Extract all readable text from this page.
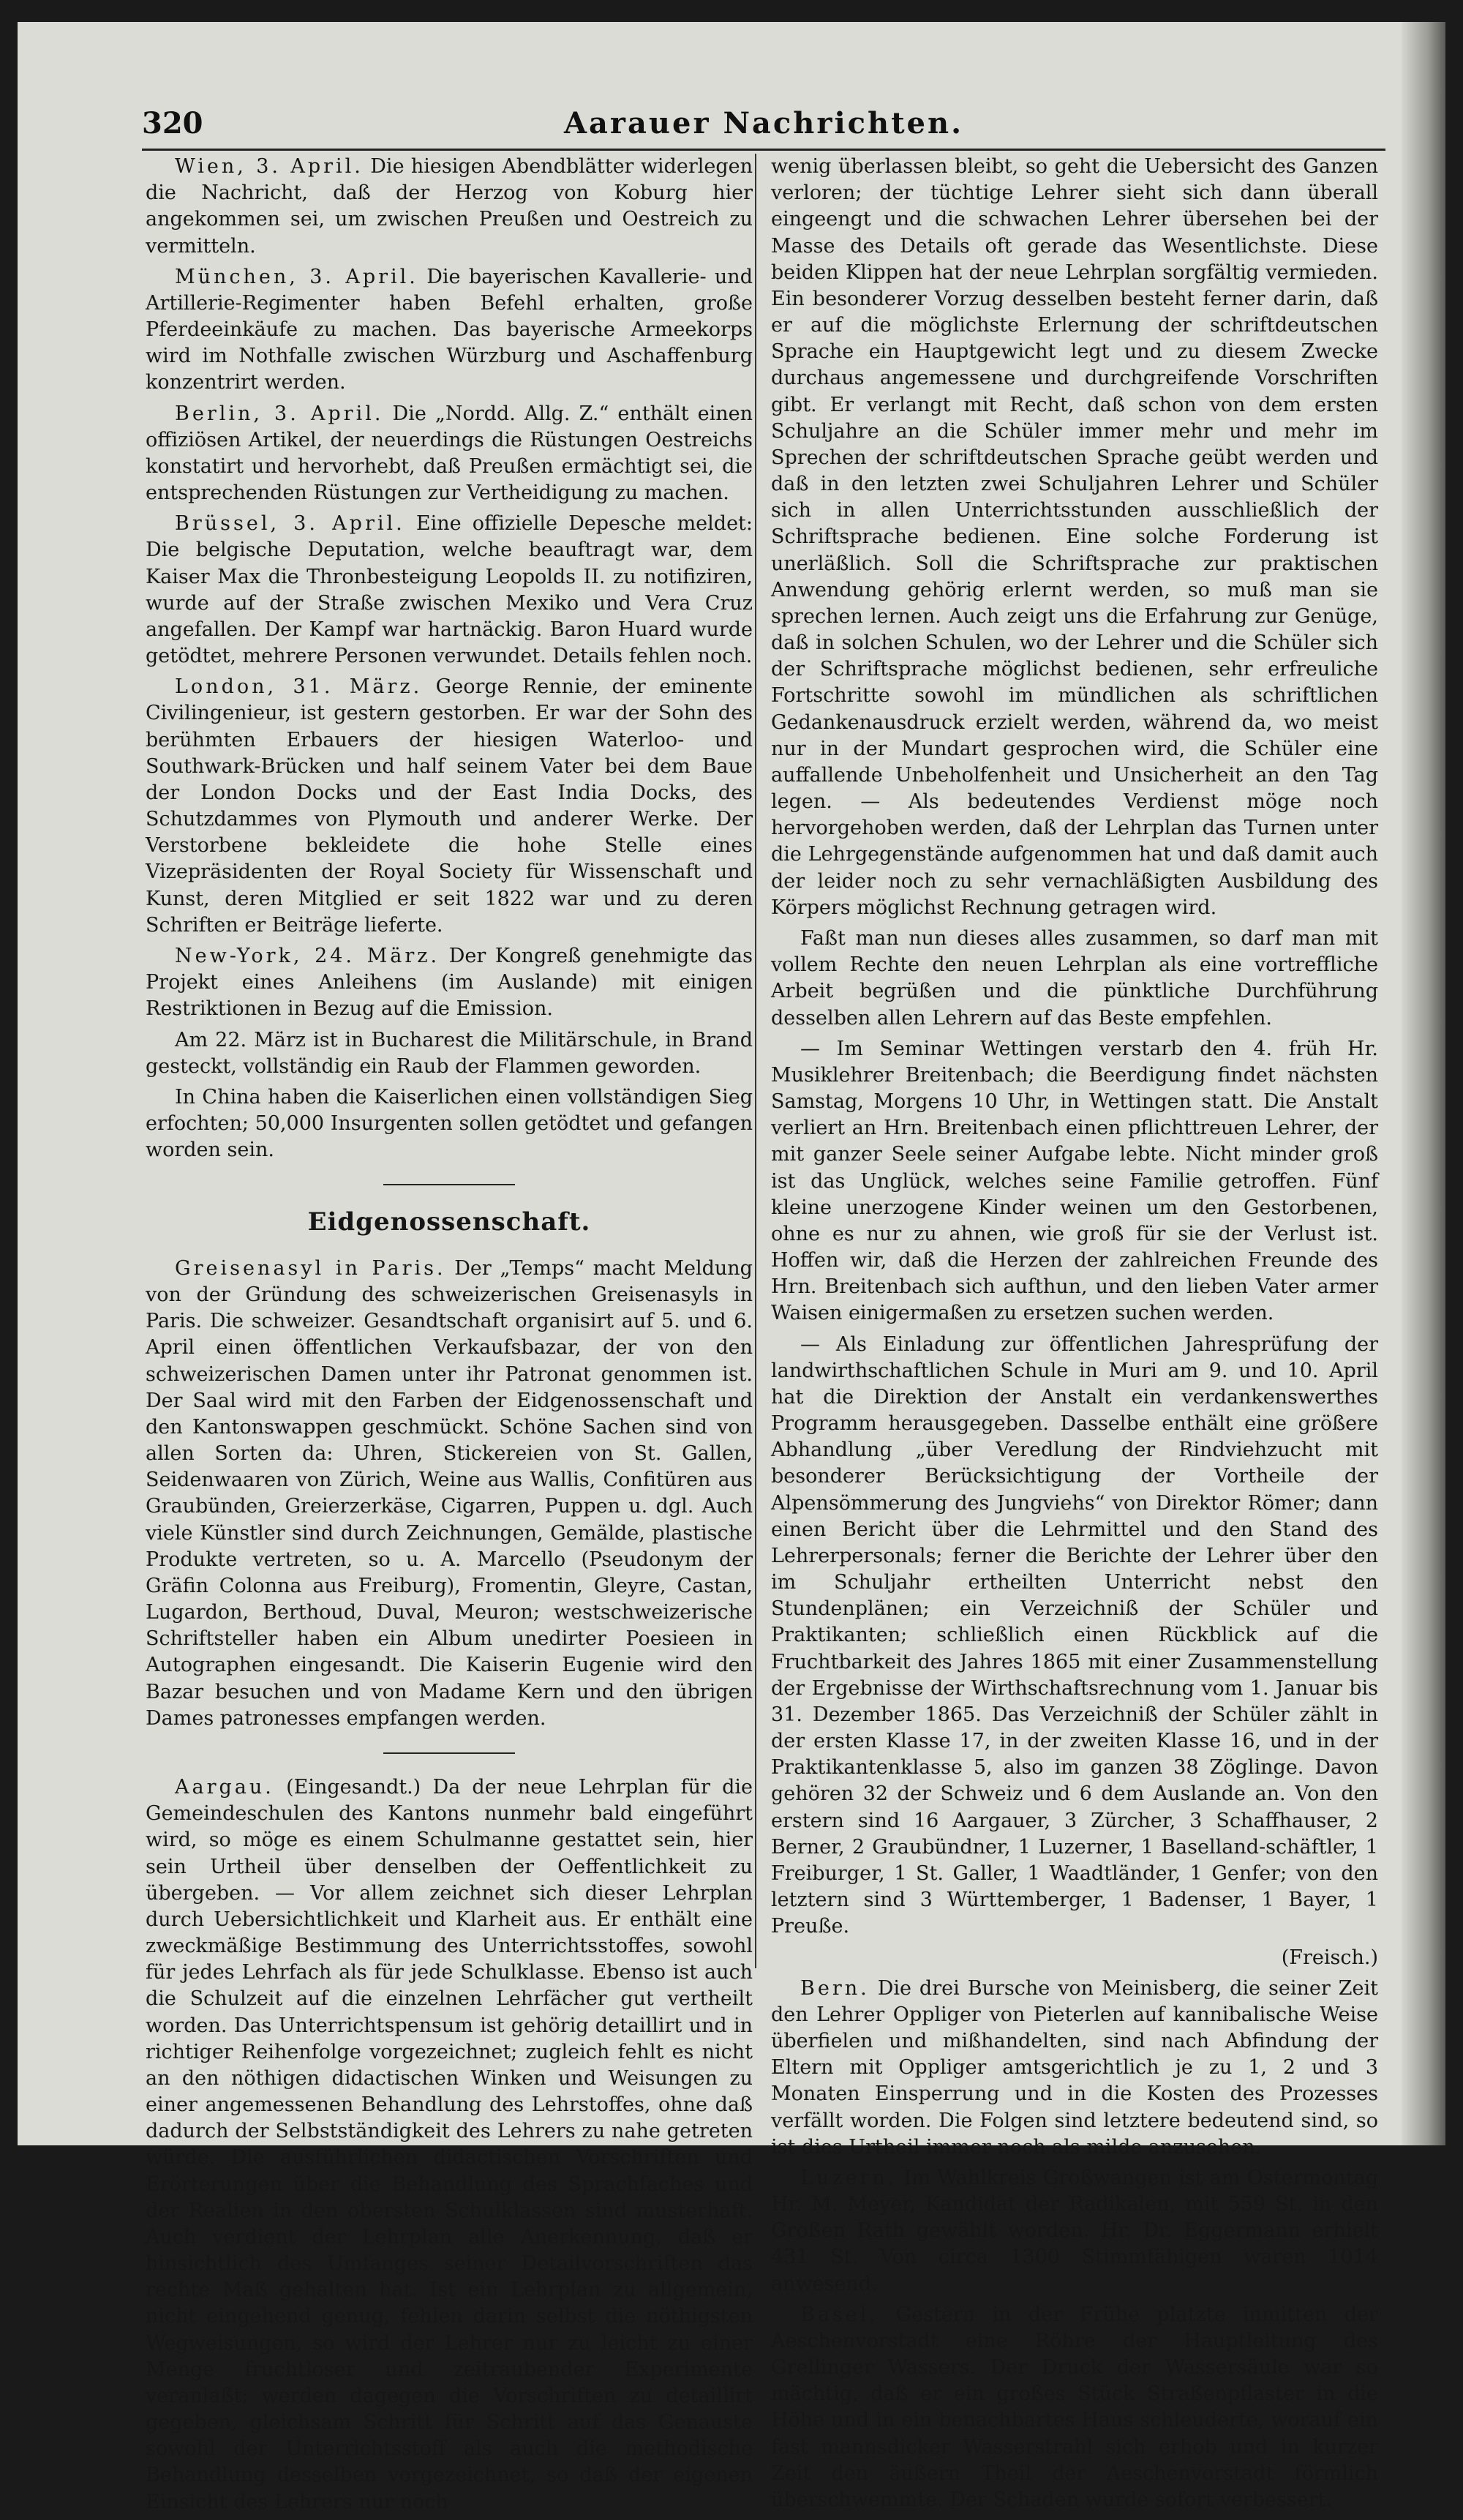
320	Aarauer Nachrichten.
Wien, 3. April. Die hiesigen Abendblätter widerlegen die Nachricht, daß der Herzog von Koburg hier angekommen sei, um zwischen Preußen und Oestreich zu vermitteln.
München, 3. April. Die bayerischen Kavallerie- und Artillerie-Regimenter haben Befehl erhalten, große Pferdeeinkäufe zu machen. Das bayerische Armeekorps wird im Nothfalle zwischen Würzburg und Aschaffenburg konzentrirt werden.
Berlin, 3. April. Die „Nordd. Allg. Z.“ enthält einen offiziösen Artikel, der neuerdings die Rüstungen Oestreichs konstatirt und hervorhebt, daß Preußen ermächtigt sei, die entsprechenden Rüstungen zur Vertheidigung zu machen.
Brüssel, 3. April. Eine offizielle Depesche meldet: Die belgische Deputation, welche beauftragt war, dem Kaiser Max die Thronbesteigung Leopolds II. zu notifiziren, wurde auf der Straße zwischen Mexiko und Vera Cruz angefallen. Der Kampf war hartnäckig. Baron Huard wurde getödtet, mehrere Personen verwundet. Details fehlen noch.
London, 31. März. George Rennie, der eminente Civilingenieur, ist gestern gestorben. Er war der Sohn des berühmten Erbauers der hiesigen Waterloo- und Southwark-Brücken und half seinem Vater bei dem Baue der London Docks und der East India Docks, des Schutzdammes von Plymouth und anderer Werke. Der Verstorbene bekleidete die hohe Stelle eines Vizepräsidenten der Royal Society für Wissenschaft und Kunst, deren Mitglied er seit 1822 war und zu deren Schriften er Beiträge lieferte.
New-York, 24. März. Der Kongreß genehmigte das Projekt eines Anleihens (im Auslande) mit einigen Restriktionen in Bezug auf die Emission.
Am 22. März ist in Bucharest die Militärschule, in Brand gesteckt, vollständig ein Raub der Flammen geworden.
In China haben die Kaiserlichen einen vollständigen Sieg erfochten; 50,000 Insurgenten sollen getödtet und gefangen worden sein.
Eidgenossenschaft.
Greisenasyl in Paris. Der „Temps“ macht Meldung von der Gründung des schweizerischen Greisenasyls in Paris. Die schweizer. Gesandtschaft organisirt auf 5. und 6. April einen öffentlichen Verkaufsbazar, der von den schweizerischen Damen unter ihr Patronat genommen ist. Der Saal wird mit den Farben der Eidgenossenschaft und den Kantonswappen geschmückt. Schöne Sachen sind von allen Sorten da: Uhren, Stickereien von St. Gallen, Seidenwaaren von Zürich, Weine aus Wallis, Confitüren aus Graubünden, Greierzerkäse, Cigarren, Puppen u. dgl. Auch viele Künstler sind durch Zeichnungen, Gemälde, plastische Produkte vertreten, so u. A. Marcello (Pseudonym der Gräfin Colonna aus Freiburg), Fromentin, Gleyre, Castan, Lugardon, Berthoud, Duval, Meuron; westschweizerische Schriftsteller haben ein Album unedirter Poesieen in Autographen eingesandt. Die Kaiserin Eugenie wird den Bazar besuchen und von Madame Kern und den übrigen Dames patronesses empfangen werden.
Aargau. (Eingesandt.) Da der neue Lehrplan für die Gemeindeschulen des Kantons nunmehr bald eingeführt wird, so möge es einem Schulmanne gestattet sein, hier sein Urtheil über denselben der Oeffentlichkeit zu übergeben. — Vor allem zeichnet sich dieser Lehrplan durch Uebersichtlichkeit und Klarheit aus. Er enthält eine zweckmäßige Bestimmung des Unterrichtsstoffes, sowohl für jedes Lehrfach als für jede Schulklasse. Ebenso ist auch die Schulzeit auf die einzelnen Lehrfächer gut vertheilt worden. Das Unterrichtspensum ist gehörig detaillirt und in richtiger Reihenfolge vorgezeichnet; zugleich fehlt es nicht an den nöthigen didactischen Winken und Weisungen zu einer angemessenen Behandlung des Lehrstoffes, ohne daß dadurch der Selbstständigkeit des Lehrers zu nahe getreten würde. Die ausführlichen didactischen Vorschriften und Erörterungen über die Behandlung des Sprachfaches und der Realien in den obersten Schulklassen sind musterhaft. Auch verdient der Lehrplan alle Anerkennung, daß er hinsichtlich des Umfanges seiner Detailvorschriften das rechte Maß gehalten hat. Ist ein Lehrplan zu allgemein, nicht eingehend genug, fehlen darin selbst die nöthigsten Wegweisungen, so wird der Lehrer nur zu leicht zu einer Menge fruchtloser und zeitraubender Experimente veranlaßt; werden dagegen die Vorschriften zu detaillirt gegeben, gleichsam Schritt für Schritt auf das Genauste sowohl der Unterrichtsstoff als auch die methodische Behandlung desselben vorgezeichnet, so daß der eigenen Einsicht des Lehrers nur noch
wenig überlassen bleibt, so geht die Uebersicht des Ganzen verloren; der tüchtige Lehrer sieht sich dann überall eingeengt und die schwachen Lehrer übersehen bei der Masse des Details oft gerade das Wesentlichste. Diese beiden Klippen hat der neue Lehrplan sorgfältig vermieden. Ein besonderer Vorzug desselben besteht ferner darin, daß er auf die möglichste Erlernung der schriftdeutschen Sprache ein Hauptgewicht legt und zu diesem Zwecke durchaus angemessene und durchgreifende Vorschriften gibt. Er verlangt mit Recht, daß schon von dem ersten Schuljahre an die Schüler immer mehr und mehr im Sprechen der schriftdeutschen Sprache geübt werden und daß in den letzten zwei Schuljahren Lehrer und Schüler sich in allen Unterrichtsstunden ausschließlich der Schriftsprache bedienen. Eine solche Forderung ist unerläßlich. Soll die Schriftsprache zur praktischen Anwendung gehörig erlernt werden, so muß man sie sprechen lernen. Auch zeigt uns die Erfahrung zur Genüge, daß in solchen Schulen, wo der Lehrer und die Schüler sich der Schriftsprache möglichst bedienen, sehr erfreuliche Fortschritte sowohl im mündlichen als schriftlichen Gedankenausdruck erzielt werden, während da, wo meist nur in der Mundart gesprochen wird, die Schüler eine auffallende Unbeholfenheit und Unsicherheit an den Tag legen. — Als bedeutendes Verdienst möge noch hervorgehoben werden, daß der Lehrplan das Turnen unter die Lehrgegenstände aufgenommen hat und daß damit auch der leider noch zu sehr vernachläßigten Ausbildung des Körpers möglichst Rechnung getragen wird.
Faßt man nun dieses alles zusammen, so darf man mit vollem Rechte den neuen Lehrplan als eine vortreffliche Arbeit begrüßen und die pünktliche Durchführung desselben allen Lehrern auf das Beste empfehlen.
— Im Seminar Wettingen verstarb den 4. früh Hr. Musiklehrer Breitenbach; die Beerdigung findet nächsten Samstag, Morgens 10 Uhr, in Wettingen statt. Die Anstalt verliert an Hrn. Breitenbach einen pflichttreuen Lehrer, der mit ganzer Seele seiner Aufgabe lebte. Nicht minder groß ist das Unglück, welches seine Familie getroffen. Fünf kleine unerzogene Kinder weinen um den Gestorbenen, ohne es nur zu ahnen, wie groß für sie der Verlust ist. Hoffen wir, daß die Herzen der zahlreichen Freunde des Hrn. Breitenbach sich aufthun, und den lieben Vater armer Waisen einigermaßen zu ersetzen suchen werden.
— Als Einladung zur öffentlichen Jahresprüfung der landwirthschaftlichen Schule in Muri am 9. und 10. April hat die Direktion der Anstalt ein verdankenswerthes Programm herausgegeben. Dasselbe enthält eine größere Abhandlung „über Veredlung der Rindviehzucht mit besonderer Berücksichtigung der Vortheile der Alpensömmerung des Jungviehs“ von Direktor Römer; dann einen Bericht über die Lehrmittel und den Stand des Lehrerpersonals; ferner die Berichte der Lehrer über den im Schuljahr ertheilten Unterricht nebst den Stundenplänen; ein Verzeichniß der Schüler und Praktikanten; schließlich einen Rückblick auf die Fruchtbarkeit des Jahres 1865 mit einer Zusammenstellung der Ergebnisse der Wirthschaftsrechnung vom 1. Januar bis 31. Dezember 1865. Das Verzeichniß der Schüler zählt in der ersten Klasse 17, in der zweiten Klasse 16, und in der Praktikantenklasse 5, also im ganzen 38 Zöglinge. Davon gehören 32 der Schweiz und 6 dem Auslande an. Von den erstern sind 16 Aargauer, 3 Zürcher, 3 Schaffhauser, 2 Berner, 2 Graubündner, 1 Luzerner, 1 Baselland-schäftler, 1 Freiburger, 1 St. Galler, 1 Waadtländer, 1 Genfer; von den letztern sind 3 Württemberger, 1 Badenser, 1 Bayer, 1 Preuße.
(Freisch.)
Bern. Die drei Bursche von Meinisberg, die seiner Zeit den Lehrer Oppliger von Pieterlen auf kannibalische Weise überfielen und mißhandelten, sind nach Abfindung der Eltern mit Oppliger amtsgerichtlich je zu 1, 2 und 3 Monaten Einsperrung und in die Kosten des Prozesses verfällt worden. Die Folgen sind letztere bedeutend sind, so ist dies Urtheil immer noch als milde anzusehen.
Luzern. Im Wahlkreis Großwangen ist am Ostermontag Hr. M. Meyer, Kandidat der Radikalen, mit 559 St. in den Großen Rath gewählt worden. Hr. Dr. Eggermann erhielt 431 St. Von circa 1300 Stimmfähigen waren 1014 anwesend.
Basel. Gestern in der Frühe platzte inmitten der Aeschenvorstadt eine Röhre der Hauptleitung des Grellinger Wassers. Der Druck der Wassersäule war so mächtig, daß er ein großes Stück Straßenpflaster in die Höhe und in ein benachbartes Haus schleuderte, worauf ein fast mannsdicker Wasserstrahl sich erhob und in kurzer Zeit den äußern Theil der Aeschenvorstadt förmlich überschwemmte. Der Schaden wurde sofort verbessert.
